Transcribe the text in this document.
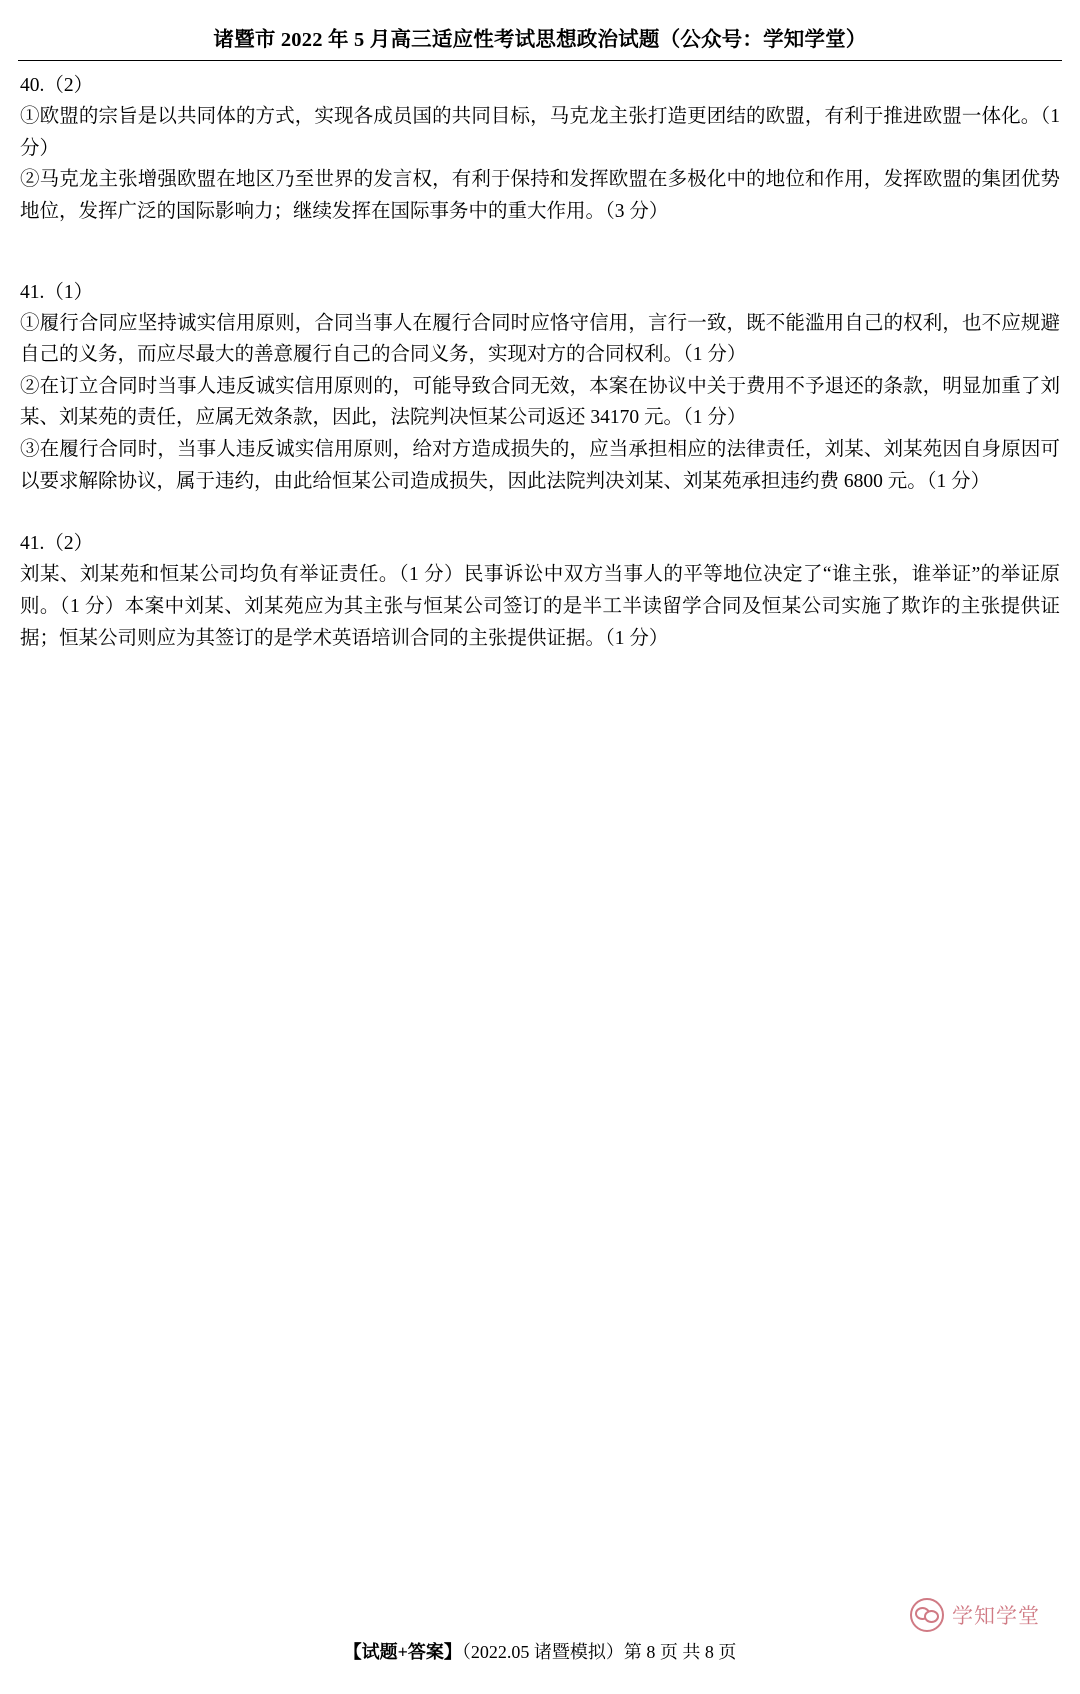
诸暨市 2022 年 5 月高三适应性考试思想政治试题（公众号：学知学堂）
40.（2）

①欧盟的宗旨是以共同体的方式，实现各成员国的共同目标，马克龙主张打造更团结的欧盟，有利于推进欧盟一体化。（1 分）

②马克龙主张增强欧盟在地区乃至世界的发言权，有利于保持和发挥欧盟在多极化中的地位和作用，发挥欧盟的集团优势地位，发挥广泛的国际影响力；继续发挥在国际事务中的重大作用。（3 分）

41.（1）

①履行合同应坚持诚实信用原则，合同当事人在履行合同时应恪守信用，言行一致，既不能滥用自己的权利，也不应规避自己的义务，而应尽最大的善意履行自己的合同义务，实现对方的合同权利。（1 分）

②在订立合同时当事人违反诚实信用原则的，可能导致合同无效，本案在协议中关于费用不予退还的条款，明显加重了刘某、刘某苑的责任，应属无效条款，因此，法院判决恒某公司返还 34170 元。（1 分）

③在履行合同时，当事人违反诚实信用原则，给对方造成损失的，应当承担相应的法律责任，刘某、刘某苑因自身原因可以要求解除协议，属于违约，由此给恒某公司造成损失，因此法院判决刘某、刘某苑承担违约费 6800 元。（1 分）

41.（2）

刘某、刘某苑和恒某公司均负有举证责任。（1 分）民事诉讼中双方当事人的平等地位决定了“谁主张，谁举证”的举证原则。（1 分）本案中刘某、刘某苑应为其主张与恒某公司签订的是半工半读留学合同及恒某公司实施了欺诈的主张提供证据；恒某公司则应为其签订的是学术英语培训合同的主张提供证据。（1 分）

学知学堂
【试题+答案】（2022.05 诸暨模拟）第 8 页 共 8 页
